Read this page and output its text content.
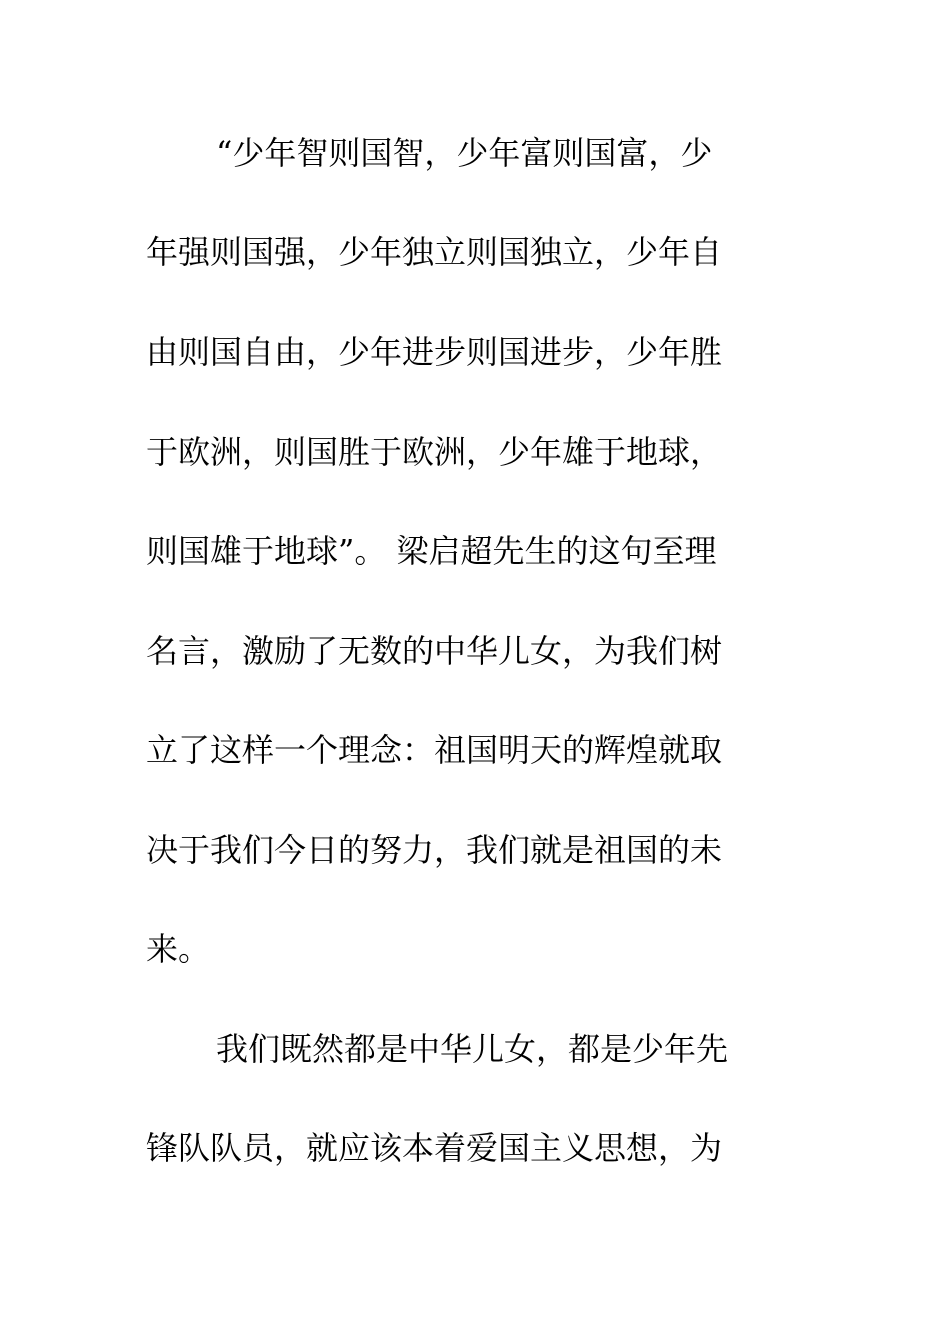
“少年智则国智，少年富则国富，少
年强则国强，少年独立则国独立，少年自
由则国自由，少年进步则国进步，少年胜
于欧洲，则国胜于欧洲，少年雄于地球，
则国雄于地球”。 梁启超先生的这句至理
名言，激励了无数的中华儿女，为我们树
立了这样一个理念：祖国明天的辉煌就取
决于我们今日的努力，我们就是祖国的未
来。
我们既然都是中华儿女，都是少年先
锋队队员，就应该本着爱国主义思想，为
